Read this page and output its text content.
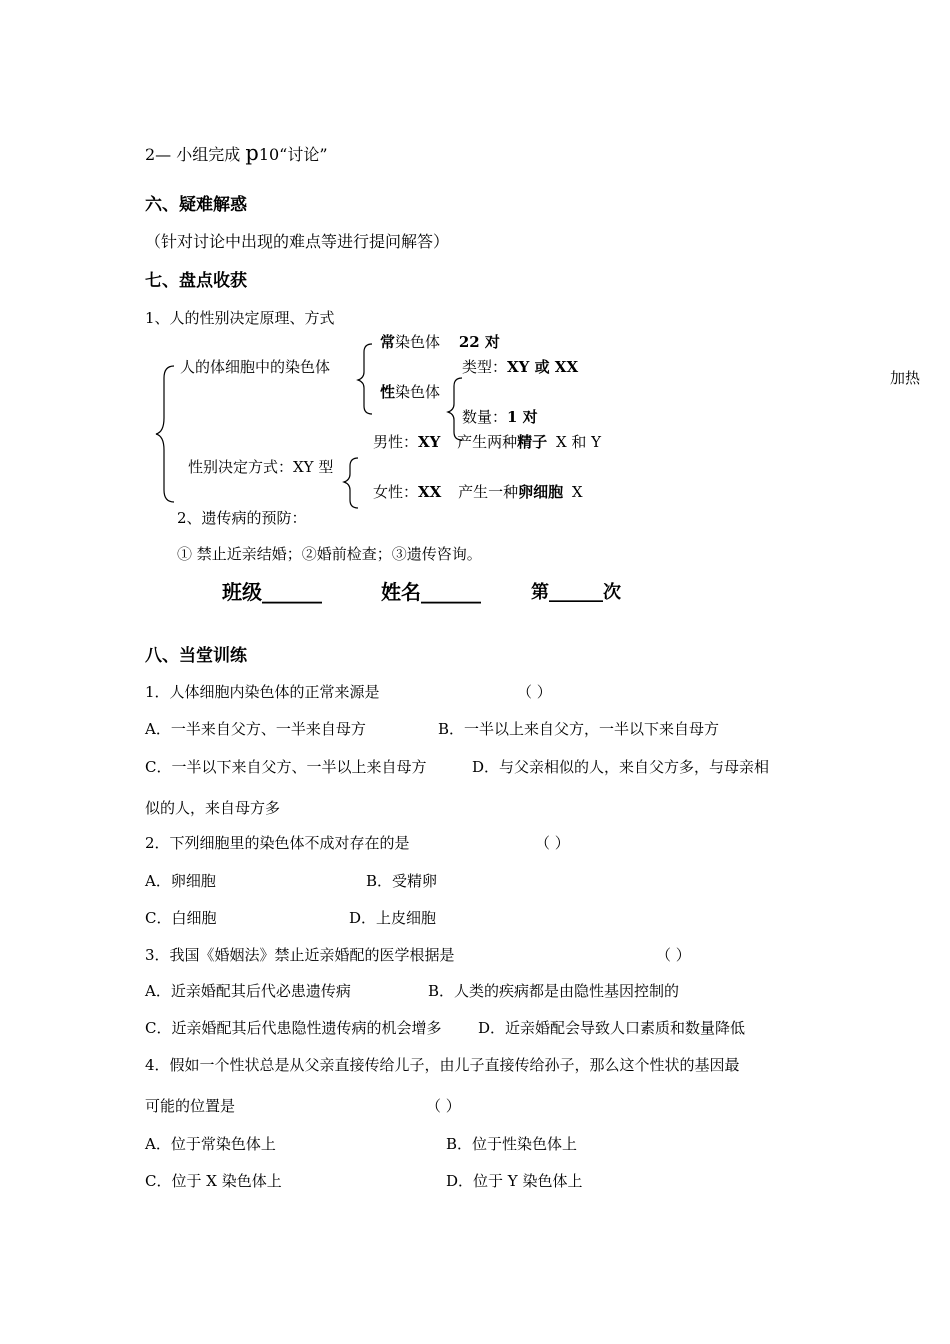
2— 小组完成 p10“讨论”
六、疑难解惑
（针对讨论中出现的难点等进行提问解答）
七、盘点收获
1、人的性别决定原理、方式
人的体细胞中的染色体
常染色体 22 对
类型：XY 或 XX
性染色体
数量：1 对
男性：XY 产生两种精子 X 和 Y
性别决定方式：XY 型
女性：XX 产生一种卵细胞 X
加热
2、遗传病的预防：
① 禁止近亲结婚；②婚前检查；③遗传咨询。
班级______	姓名______	第______次
八、当堂训练
1．人体细胞内染色体的正常来源是	（ ）
A．一半来自父方、一半来自母方	B．一半以上来自父方，一半以下来自母方
C．一半以下来自父方、一半以上来自母方	D．与父亲相似的人，来自父方多，与母亲相
似的人，来自母方多
2．下列细胞里的染色体不成对存在的是	（ ）
A．卵细胞	B．受精卵
C．白细胞	D．上皮细胞
3．我国《婚姻法》禁止近亲婚配的医学根据是	（ ）
A．近亲婚配其后代必患遗传病	B．人类的疾病都是由隐性基因控制的
C．近亲婚配其后代患隐性遗传病的机会增多 D．近亲婚配会导致人口素质和数量降低
4．假如一个性状总是从父亲直接传给儿子，由儿子直接传给孙子，那么这个性状的基因最
可能的位置是	（ ）
A．位于常染色体上	B．位于性染色体上
C．位于 X 染色体上	D．位于 Y 染色体上
